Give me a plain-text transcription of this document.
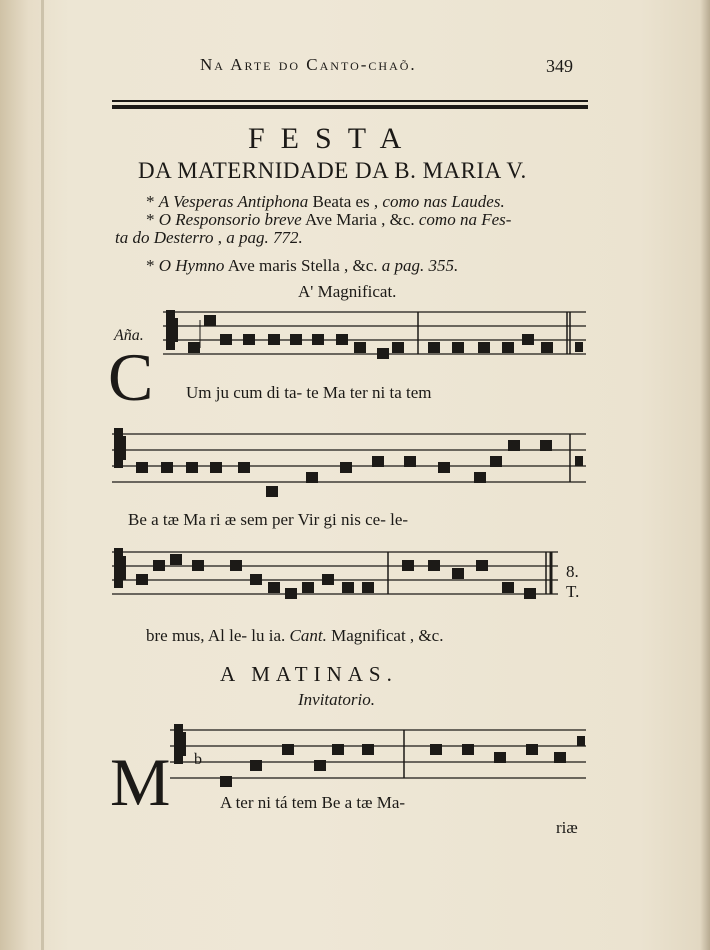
Na Arte do Canto-chaõ.	349
FESTA
DA MATERNIDADE DA B. MARIA V.
* A Vesperas Antiphona Beata es , como nas Laudes.
* O Responsorio breve Ave Maria , &c. como na Fes-
ta do Desterro , a pag. 772.
* O Hymno Ave maris Stella , &c. a pag. 355.
A' Magnificat.
Aña.
C Um ju cum di ta- te Ma ter ni ta tem
Be a tæ Ma ri æ sem per Vir gi nis ce- le-
8.
T.
bre mus, Al le- lu ia. Cant. Magnificat , &c.
A MATINAS.
Invitatorio.
b
M	A ter ni tá tem Be a tæ Ma-
riæ
